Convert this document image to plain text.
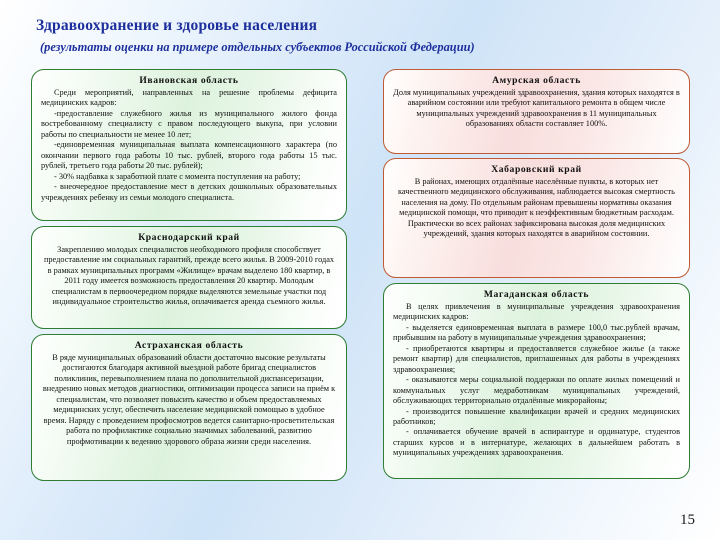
Здравоохранение и здоровье населения
(результаты оценки на примере отдельных субъектов Российской Федерации)
Ивановская область

Среди мероприятий, направленных на решение проблемы дефицита медицинских кадров:

-предоставление служебного жилья из муниципального жилого фонда востребованному специалисту с правом последующего выкупа, при условии работы по специальности не менее 10 лет;

-единовременная муниципальная выплата компенсационного характера (по окончании первого года работы 10 тыс. рублей, второго года работы 15 тыс. рублей, третьего года работы 20 тыс. рублей);

- 30% надбавка к заработной плате с момента поступления на работу;

- внеочередное предоставление мест в детских дошкольных образовательных учреждениях ребенку из семьи молодого специалиста.

Краснодарский край

Закреплению молодых специалистов необходимого профиля способствует предоставление им социальных гарантий, прежде всего жилья. В 2009-2010 годах в рамках муниципальных программ «Жилище» врачам выделено 180 квартир, в 2011 году имеется возможность предоставления 20 квартир. Молодым специалистам в первоочередном порядке выделяются земельные участки под индивидуальное строительство жилья, оплачивается аренда съемного жилья.

Астраханская область

В ряде муниципальных образований области достаточно высокие результаты достигаются благодаря активной выездной работе бригад специалистов поликлиник, перевыполнением плана по дополнительной диспансеризации, внедрению новых методов диагностики, оптимизации процесса записи на приём к специалистам, что позволяет повысить качество и объем предоставляемых медицинских услуг, обеспечить население медицинской помощью в удобное время. Наряду с проведением профосмотров ведется санитарно-просветительская работа по профилактике социально значимых заболеваний, развитию профмотивации к ведению здорового образа жизни среди населения.

Амурская область

Доля муниципальных учреждений здравоохранения, здания которых находятся в аварийном состоянии или требуют капитального ремонта в общем числе муниципальных учреждений здравоохранения в 11 муниципальных образованиях области составляет 100%.

Хабаровский край

В районах, имеющих отдалённые населённые пункты, в которых нет качественного медицинского обслуживания, наблюдается высокая смертность населения на дому. По отдельным районам превышены нормативы оказания медицинской помощи, что приводит к неэффективным бюджетным расходам. Практически во всех районах зафиксирована высокая доля медицинских учреждений, здания которых находятся в аварийном состоянии.

Магаданская область

В целях привлечения в муниципальные учреждения здравоохранения медицинских кадров:

- выделяется единовременная выплата в размере 100,0 тыс.рублей врачам, прибывшим на работу в муниципальные учреждения здравоохранения;

- приобретаются квартиры и предоставляется служебное жилье (а также ремонт квартир) для специалистов, приглашенных для работы в учреждениях здравоохранения;

- оказываются меры социальной поддержки по оплате жилых помещений и коммунальных услуг медработникам муниципальных учреждений, обслуживающих территориально отдалённые микрорайоны;

- производится повышение квалификации врачей и средних медицинских работников;

- оплачивается обучение врачей в аспирантуре и ординатуре, студентов старших курсов и в интернатуре, желающих в дальнейшем работать в муниципальных учреждениях здравоохранения.

15
